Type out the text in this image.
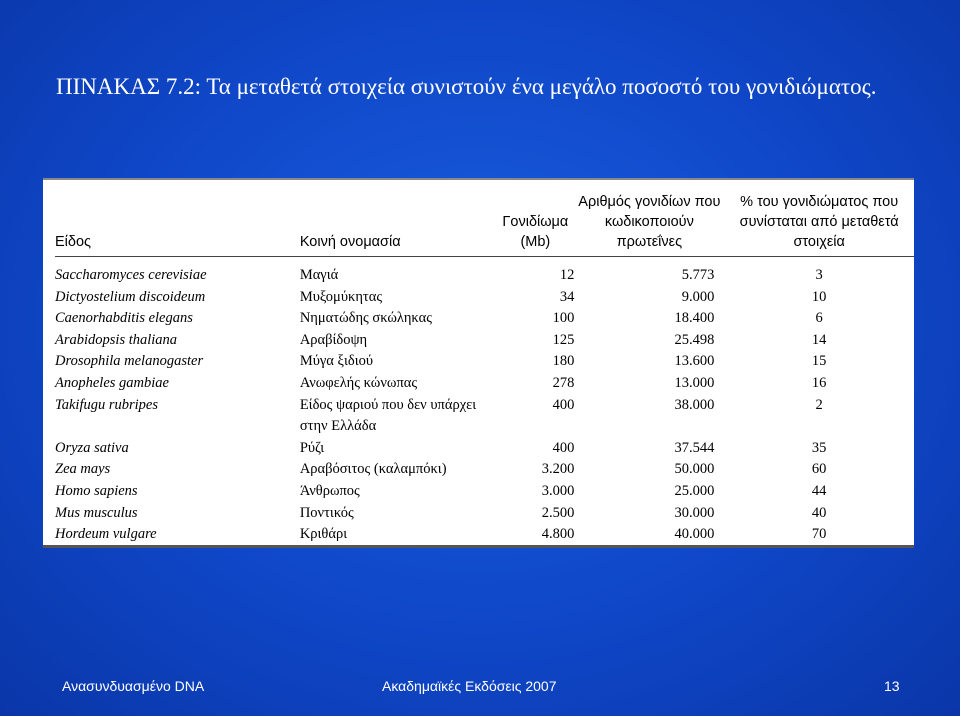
ΠΙΝΑΚΑΣ 7.2: Τα μεταθετά στοιχεία συνιστούν ένα μεγάλο ποσοστό του γονιδιώματος.
Είδος	Κοινή ονομασία	Γονιδίωμα (Mb)	Αριθμός γονιδίων που κωδικοποιούν πρωτεΐνες	% του γονιδιώματος που συνίσταται από μεταθετά στοιχεία
Saccharomyces cerevisiae	Μαγιά	12	5.773	3
Dictyostelium discoideum	Μυξομύκητας	34	9.000	10
Caenorhabditis elegans	Νηματώδης σκώληκας	100	18.400	6
Arabidopsis thaliana	Αραβίδοψη	125	25.498	14
Drosophila melanogaster	Μύγα ξιδιού	180	13.600	15
Anopheles gambiae	Ανωφελής κώνωπας	278	13.000	16
Takifugu rubripes	Είδος ψαριού που δεν υπάρχει στην Ελλάδα	400	38.000	2
Oryza sativa	Ρύζι	400	37.544	35
Zea mays	Αραβόσιτος (καλαμπόκι)	3.200	50.000	60
Homo sapiens	Άνθρωπος	3.000	25.000	44
Mus musculus	Ποντικός	2.500	30.000	40
Hordeum vulgare	Κριθάρι	4.800	40.000	70
Ανασυνδυασμένο DNA	Ακαδημαϊκές Εκδόσεις 2007	13
